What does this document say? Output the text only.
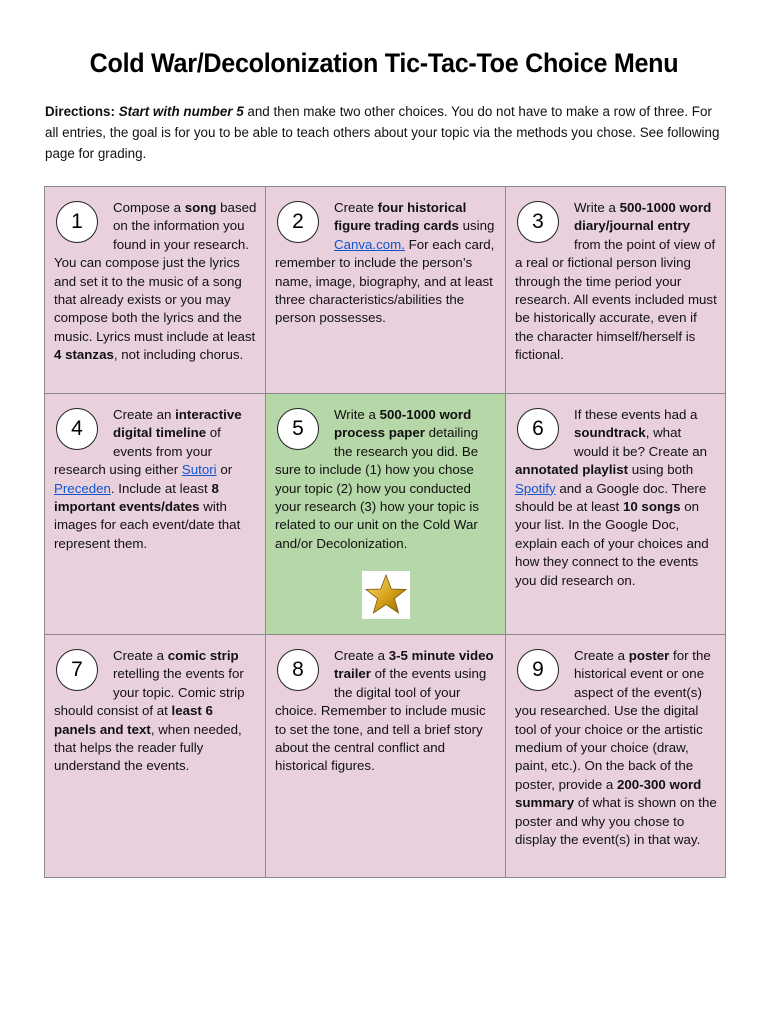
Cold War/Decolonization Tic-Tac-Toe Choice Menu
Directions: Start with number 5 and then make two other choices. You do not have to make a row of three. For all entries, the goal is for you to be able to teach others about your topic via the methods you chose. See following page for grading.
1
Compose a song based on the information you found in your research. You can compose just the lyrics and set it to the music of a song that already exists or you may compose both the lyrics and the music. Lyrics must include at least 4 stanzas, not including chorus.
2
Create four historical figure trading cards using Canva.com. For each card, remember to include the person’s name, image, biography, and at least three characteristics/abilities the person possesses.
3
Write a 500-1000 word diary/journal entry from the point of view of a real or fictional person living through the time period your research. All events included must be historically accurate, even if the character himself/herself is fictional.
4
Create an interactive digital timeline of events from your research using either Sutori or Preceden. Include at least 8 important events/dates with images for each event/date that represent them.
5
Write a 500-1000 word process paper detailing the research you did. Be sure to include (1) how you chose your topic (2) how you conducted your research (3) how your topic is related to our unit on the Cold War and/or Decolonization.
6
If these events had a soundtrack, what would it be? Create an annotated playlist using both Spotify and a Google doc. There should be at least 10 songs on your list. In the Google Doc, explain each of your choices and how they connect to the events you did research on.
7
Create a comic strip retelling the events for your topic. Comic strip should consist of at least 6 panels and text, when needed, that helps the reader fully understand the events.
8
Create a 3-5 minute video trailer of the events using the digital tool of your choice. Remember to include music to set the tone, and tell a brief story about the central conflict and historical figures.
9
Create a poster for the historical event or one aspect of the event(s) you researched. Use the digital tool of your choice or the artistic medium of your choice (draw, paint, etc.). On the back of the poster, provide a 200-300 word summary of what is shown on the poster and why you chose to display the event(s) in that way.
